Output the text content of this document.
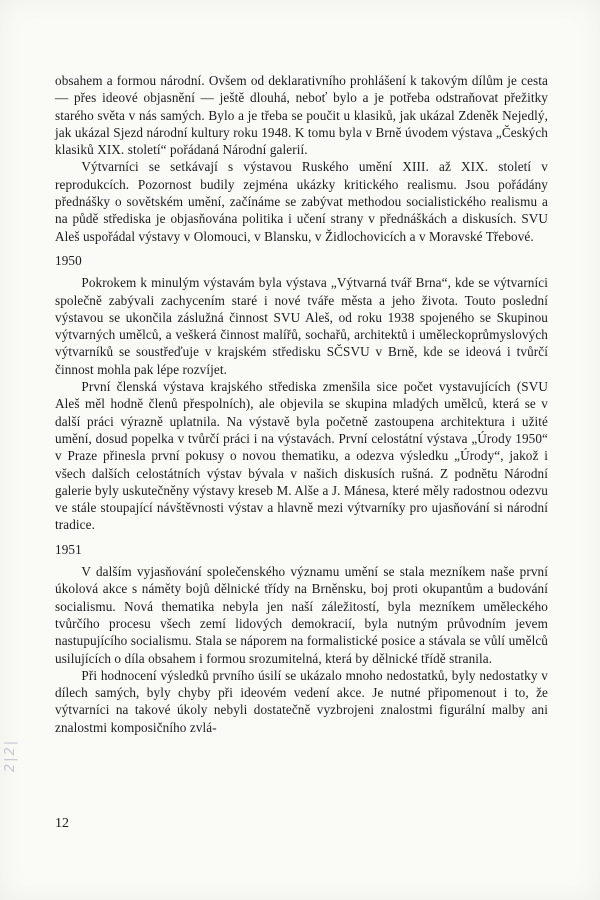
obsahem a formou národní. Ovšem od deklarativního prohlášení k takovým dílům je cesta — přes ideové objasnění — ještě dlouhá, neboť bylo a je potřeba odstraňovat přežitky starého světa v nás samých. Bylo a je třeba se poučit u klasiků, jak ukázal Zdeněk Nejedlý, jak ukázal Sjezd národní kultury roku 1948. K tomu byla v Brně úvodem výstava „Českých klasiků XIX. století“ pořádaná Národní galerií.

Výtvarníci se setkávají s výstavou Ruského umění XIII. až XIX. století v reprodukcích. Pozornost budily zejména ukázky kritického realismu. Jsou pořádány přednášky o sovětském umění, začínáme se zabývat methodou socialistického realismu a na půdě střediska je objasňována politika i učení strany v přednáškách a diskusích. SVU Aleš uspořádal výstavy v Olomouci, v Blansku, v Židlochovicích a v Moravské Třebové.

1950

Pokrokem k minulým výstavám byla výstava „Výtvarná tvář Brna“, kde se výtvarníci společně zabývali zachycením staré i nové tváře města a jeho života. Touto poslední výstavou se ukončila záslužná činnost SVU Aleš, od roku 1938 spojeného se Skupinou výtvarných umělců, a veškerá činnost malířů, sochařů, architektů i uměleckoprůmyslových výtvarníků se soustřeďuje v krajském středisku SČSVU v Brně, kde se ideová i tvůrčí činnost mohla pak lépe rozvíjet.

První členská výstava krajského střediska zmenšila sice počet vystavujících (SVU Aleš měl hodně členů přespolních), ale objevila se skupina mladých umělců, která se v další práci výrazně uplatnila. Na výstavě byla početně zastoupena architektura i užité umění, dosud popelka v tvůrčí práci i na výstavách. První celostátní výstava „Úrody 1950“ v Praze přinesla první pokusy o novou thematiku, a odezva výsledku „Úrody“, jakož i všech dalších celostátních výstav bývala v našich diskusích rušná. Z podnětu Národní galerie byly uskutečněny výstavy kreseb M. Alše a J. Mánesa, které měly radostnou odezvu ve stále stoupající návštěvnosti výstav a hlavně mezi výtvarníky pro ujasňování si národní tradice.

1951

V dalším vyjasňování společenského významu umění se stala mezníkem naše první úkolová akce s náměty bojů dělnické třídy na Brněnsku, boj proti okupantům a budování socialismu. Nová thematika nebyla jen naší záležitostí, byla mezníkem uměleckého tvůrčího procesu všech zemí lidových demokracií, byla nutným průvodním jevem nastupujícího socialismu. Stala se náporem na formalistické posice a stávala se vůlí umělců usilujících o díla obsahem i formou srozumitelná, která by dělnické třídě stranila.

Při hodnocení výsledků prvního úsilí se ukázalo mnoho nedostatků, byly nedostatky v dílech samých, byly chyby při ideovém vedení akce. Je nutné připomenout i to, že výtvarníci na takové úkoly nebyli dostatečně vyzbrojeni znalostmi figurální malby ani znalostmi komposičního zvlá-

12
2|2|
